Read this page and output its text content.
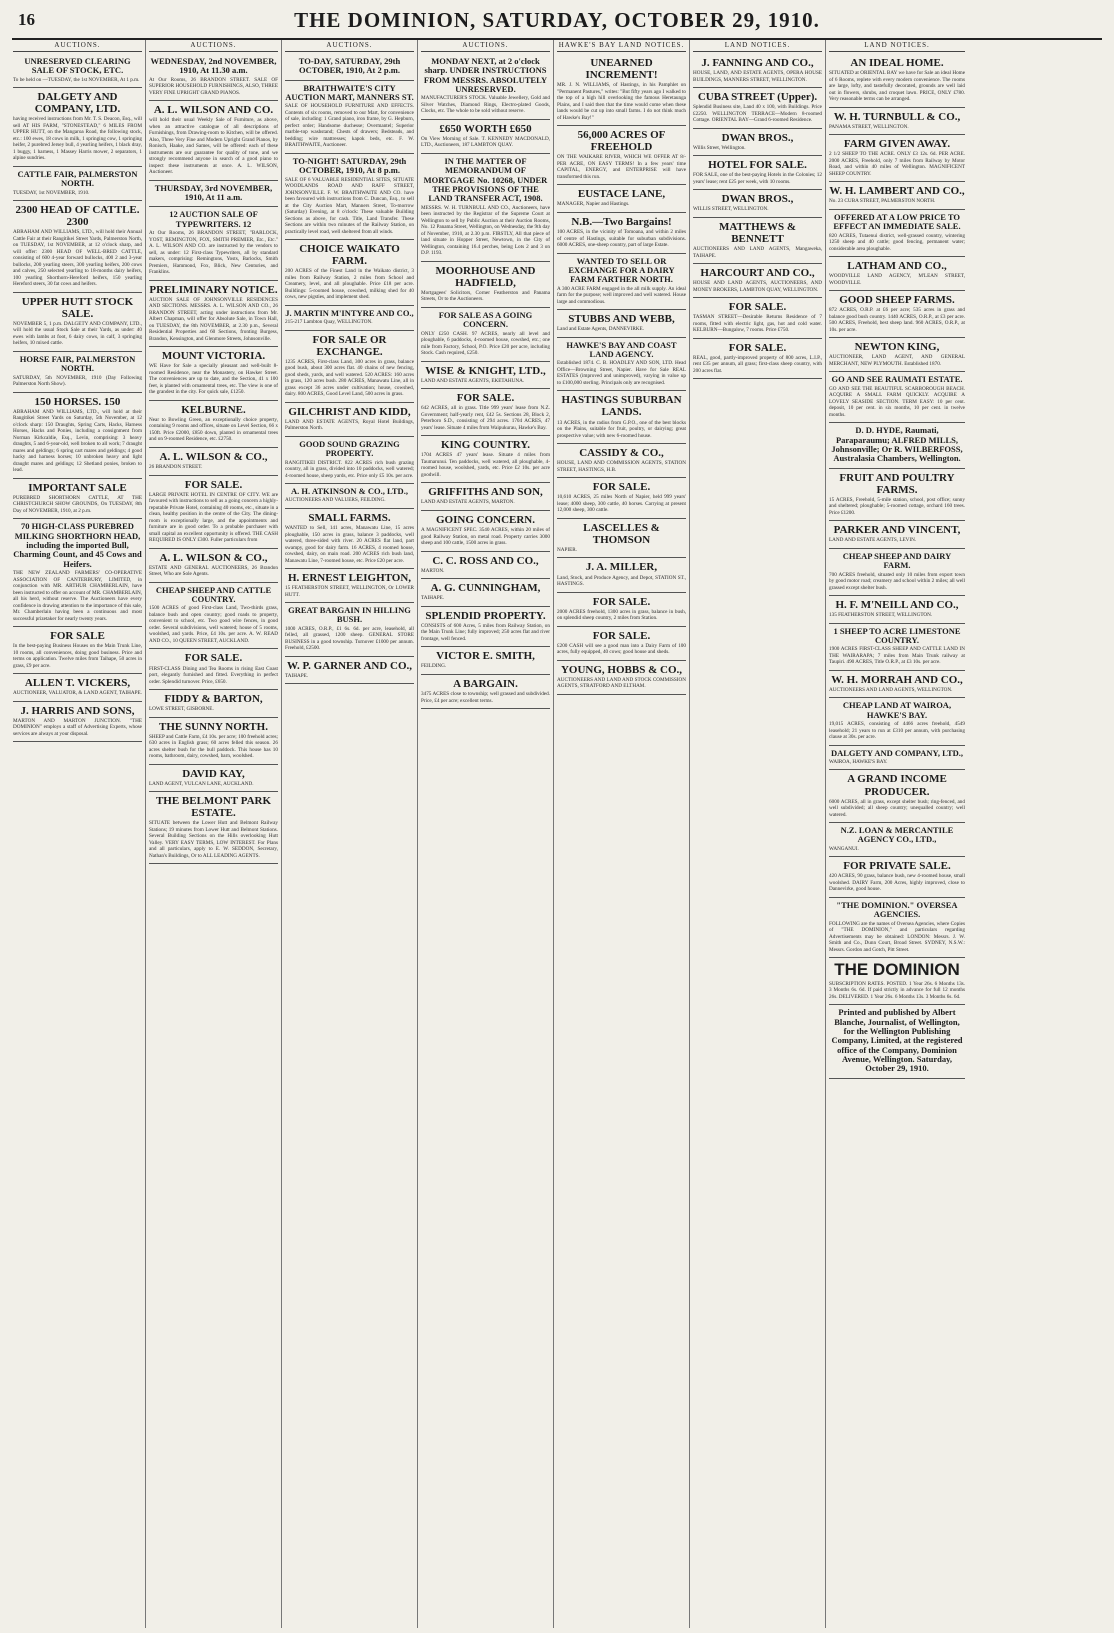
16	THE DOMINION, SATURDAY, OCTOBER 29, 1910.
AUCTIONS.
UNRESERVED CLEARING SALE OF STOCK, ETC.
To be held on —TUESDAY, the 1st NOVEMBER, At 1 p.m.
DALGETY AND COMPANY, LTD.
having received instructions from Mr. T. S. Deacon, Esq., will sell AT HIS FARM, "STONESTEAD," 6 MILES FROM UPPER HUTT, on the Mangaroa Road, the following stock, etc.: 100 ewes, 18 cows in milk, 1 springing cow, 1 springing heifer, 2 purebred Jersey bull, 4 yearling heifers, 1 black dray, 1 buggy, 1 harness, 1 Massey Harris mower, 2 separators, 1 alpine sundries.
CATTLE FAIR, PALMERSTON NORTH.
TUESDAY, 1st NOVEMBER, 1910.
2300 HEAD OF CATTLE. 2300
ABRAHAM AND WILLIAMS, LTD., will hold their Annual Cattle Fair at their Rangitikei Street Yards, Palmerston North, on TUESDAY, 1st NOVEMBER, at 12 o'clock sharp, and will offer: 2300 HEAD OF WELL-BRED CATTLE, consisting of 600 4-year forward bullocks, 400 2 and 3-year bullocks, 200 yearling steers, 300 yearling heifers, 200 cows and calves, 250 selected yearling to 18-months dairy heifers, 100 yearling Shorthorn-Hereford heifers, 150 yearling Hereford steers, 30 fat cows and heifers.
UPPER HUTT STOCK SALE.
NOVEMBER 5, 1 p.m. DALGETY AND COMPANY, LTD., will hold the usual Stock Sale at their Yards, as under: 40 ewes with lambs at foot, 6 dairy cows, in calf, 3 springing heifers, 10 mixed cattle.
HORSE FAIR, PALMERSTON NORTH.
SATURDAY, 5th NOVEMBER, 1910 (Day Following Palmerston North Show).
150 HORSES. 150
ABRAHAM AND WILLIAMS, LTD., will hold at their Rangitikei Street Yards on Saturday, 5th November, at 12 o'clock sharp: 150 Draughts, Spring Carts, Hacks, Harness Horses, Hacks and Ponies, including a consignment from Norman Kirkcaldie, Esq., Levin, comprising: 3 heavy draughts, 5 and 6-year-old, well broken to all work; 7 draught mares and geldings; 6 spring cart mares and geldings; 4 good hacky and harness horses; 10 unbroken heavy and light draught mares and geldings; 12 Shetland ponies, broken to lead.
IMPORTANT SALE
PUREBRED SHORTHORN CATTLE, AT THE CHRISTCHURCH SHOW GROUNDS, On TUESDAY, 8th Day of NOVEMBER, 1910, at 2 p.m.
70 HIGH-CLASS PUREBRED MILKING SHORTHORN HEAD, including the imported Bull, Charming Count, and 45 Cows and Heifers.
THE NEW ZEALAND FARMERS' CO-OPERATIVE ASSOCIATION OF CANTERBURY, LIMITED, in conjunction with MR. ARTHUR CHAMBERLAIN, have been instructed to offer on account of MR. CHAMBERLAIN, all his herd, without reserve. The Auctioneers have every confidence in drawing attention to the importance of this sale, Mr. Chamberlain having been a continuous and most successful prizetaker for nearly twenty years.
FOR SALE
In the best-paying Business Houses on the Main Trunk Line, 10 rooms, all conveniences, doing good business. Price and terms on application. Twelve miles from Taihape, 50 acres in grass, £9 per acre.
ALLEN T. VICKERS,
AUCTIONEER, VALUATOR, & LAND AGENT, TAIHAPE.
J. HARRIS AND SONS,
MARTON AND MARTON JUNCTION. "THE DOMINION" employs a staff of Advertising Experts, whose services are always at your disposal.
AUCTIONS.
WEDNESDAY, 2nd NOVEMBER, 1910, At 11.30 a.m.
At Our Rooms, 26 BRANDON STREET. SALE OF SUPERIOR HOUSEHOLD FURNISHINGS, ALSO, THREE VERY FINE UPRIGHT GRAND PIANOS.
A. L. WILSON AND CO.
will hold their usual Weekly Sale of Furniture, as above, when an attractive catalogue of all descriptions of Furnishings, from Drawing-room to Kitchen, will be offered. Also, Three Very Fine and Modern Upright Grand Pianos, by Ronisch, Haake, and Sames, will be offered: each of these instruments are our guarantee for quality of tone, and we strongly recommend anyone in search of a good piano to inspect these instruments at once. A. L. WILSON, Auctioneer.
THURSDAY, 3rd NOVEMBER, 1910, At 11 a.m.
12 AUCTION SALE OF TYPEWRITERS. 12
At Our Rooms, 26 BRANDON STREET, "BARLOCK, YOST, REMINGTON, FOX, SMITH PREMIER, Etc., Etc." A. L. WILSON AND CO. are instructed by the vendors to sell, as under: 12 First-class Typewriters, all by standard makers, comprising: Remingtons, Yosts, Barlocks, Smith Premiers, Hammond, Fox, Blick, New Centuries, and Franklins.
PRELIMINARY NOTICE.
AUCTION SALE OF JOHNSONVILLE RESIDENCES AND SECTIONS. MESSRS. A. L. WILSON AND CO., 26 BRANDON STREET, acting under instructions from Mr. Albert Chapman, will offer for Absolute Sale, in Town Hall, on TUESDAY, the 8th NOVEMBER, at 2.30 p.m., Several Residential Properties and 60 Sections, fronting Burgess, Brandon, Kensington, and Glenmore Streets, Johnsonville.
MOUNT VICTORIA.
WE Have for Sale a specially pleasant and well-built 8-roomed Residence, near the Monastery, on Hawker Street. The conveniences are up to date, and the Section, 41 x 100 feet, is planted with ornamental trees, etc. The view is one of the grandest in the city. For quick sale, £1250.
KELBURNE.
Near to Bowling Green, an exceptionally choice property, containing 9 rooms and offices, situate on Level Section, 66 x 150ft. Price £2000, £850 down, planted in ornamental trees and on 9-roomed Residence, etc. £2750.
A. L. WILSON & CO.,
26 BRANDON STREET.
FOR SALE.
LARGE PRIVATE HOTEL IN CENTRE OF CITY. WE are favoured with instructions to sell as a going concern a highly-reputable Private Hotel, containing 40 rooms, etc., situate in a clean, healthy position in the centre of the City. The dining-room is exceptionally large, and the appointments and furniture are in good order. To a probable purchaser with small capital an excellent opportunity is offered. THE CASH REQUIRED IS ONLY £300. Fuller particulars from
A. L. WILSON & CO.,
ESTATE AND GENERAL AUCTIONEERS, 26 Brandon Street, Who are Sole Agents.
CHEAP SHEEP AND CATTLE COUNTRY.
1500 ACRES of good First-class Land, Two-thirds grass, balance bush and open country; good roads to property, convenient to school, etc. Two good wire fences, in good order. Several subdivisions, well watered; house of 5 rooms, woolshed, and yards. Price, £4 10s. per acre. A. W. READ AND CO., 10 QUEEN STREET, AUCKLAND.
FOR SALE.
FIRST-CLASS Dining and Tea Rooms in rising East Coast port, elegantly furnished and fitted. Everything in perfect order. Splendid turnover. Price, £650.
FIDDY & BARTON,
LOWE STREET, GISBORNE.
THE SUNNY NORTH.
SHEEP and Cattle Farm, £4 10s. per acre; 100 freehold acres; 630 acres in English grass; 60 acres felled this season. 26 acres shelter bush for the bull paddock. This house has 10 rooms, bathroom, dairy, cowshed, barn, woolshed.
DAVID KAY,
LAND AGENT, VULCAN LANE, AUCKLAND.
THE BELMONT PARK ESTATE.
SITUATE between the Lower Hutt and Belmont Railway Stations; 19 minutes from Lower Hutt and Belmont Stations. Several Building Sections on the Hills overlooking Hutt Valley. VERY EASY TERMS, LOW INTEREST. For Plans and all particulars, apply to E. W. SEDDON, Secretary, Nathan's Buildings, Or to ALL LEADING AGENTS.
AUCTIONS.
TO-DAY, SATURDAY, 29th OCTOBER, 1910, At 2 p.m.
BRAITHWAITE'S CITY AUCTION MART, MANNERS ST.
SALE OF HOUSEHOLD FURNITURE AND EFFECTS. Contents of six rooms, removed to our Mart, for convenience of sale, including: 1 Grand piano, iron frame, by G. Hepburn, perfect order; Handsome duchesse; Overmantel; Superior marble-top washstand; Chests of drawers; Bedsteads, and bedding; wire mattresses; kapok beds, etc. F. W. BRAITHWAITE, Auctioneer.
TO-NIGHT! SATURDAY, 29th OCTOBER, 1910, At 8 p.m.
SALE OF 6 VALUABLE RESIDENTIAL SITES, SITUATE WOODLANDS ROAD AND RAFF STREET, JOHNSONVILLE. F. W. BRAITHWAITE AND CO. have been favoured with instructions from C. Duncan, Esq., to sell at the City Auction Mart, Manners Street, To-morrow (Saturday) Evening, at 8 o'clock: These valuable Building Sections as above, for cash. Title, Land Transfer. These Sections are within two minutes of the Railway Station, on practically level road, well sheltered from all winds.
CHOICE WAIKATO FARM.
200 ACRES of the Finest Land in the Waikato district, 3 miles from Railway Station, 2 miles from School and Creamery, level, and all ploughable. Price £18 per acre. Buildings: 5-roomed house, cowshed, milking shed for 40 cows, new pigsties, and implement shed.
J. MARTIN M'INTYRE AND CO.,
215-217 Lambton Quay, WELLINGTON.
FOR SALE OR EXCHANGE.
1235 ACRES, First-class Land, 300 acres in grass, balance good bush, about 300 acres flat. 40 chains of new fencing, good sheds, yards, and well watered. 520 ACRES: 160 acres in grass, 120 acres bush. 280 ACRES, Manawatu Line, all in grass except 36 acres under cultivation; house, cowshed, dairy. 800 ACRES, Good Level Land, 500 acres in grass.
GILCHRIST AND KIDD,
LAND AND ESTATE AGENTS, Royal Hotel Buildings, Palmerston North.
GOOD SOUND GRAZING PROPERTY.
RANGITIKEI DISTRICT. 822 ACRES rich bush grazing country, all in grass, divided into 10 paddocks, well watered; 4-roomed house, sheep yards, etc. Price only £5 10s. per acre.
A. H. ATKINSON & CO., LTD.,
AUCTIONEERS AND VALUERS, FEILDING.
SMALL FARMS.
WANTED to Sell, 141 acres, Manawatu Line, 15 acres ploughable, 150 acres in grass, balance 3 paddocks, well watered, three-sided with river. 20 ACRES flat land, part swampy, good for dairy farm. 16 ACRES, 4 roomed house, cowshed, dairy, on main road. 200 ACRES rich bush land, Manawatu Line, 7-roomed house, etc. Price £20 per acre.
H. ERNEST LEIGHTON,
15 FEATHERSTON STREET, WELLINGTON, Or LOWER HUTT.
GREAT BARGAIN IN HILLING BUSH.
1000 ACRES, O.R.P., £1 6s. 6d. per acre, leasehold, all felled, all grassed, 1200 sheep. GENERAL STORE BUSINESS in a good township. Turnover £1000 per annum. Freehold, £2500.
W. P. GARNER AND CO.,
TAIHAPE.
AUCTIONS.
MONDAY NEXT, at 2 o'clock sharp. UNDER INSTRUCTIONS FROM MESSRS. ABSOLUTELY UNRESERVED.
MANUFACTURER'S STOCK. Valuable Jewellery, Gold and Silver Watches, Diamond Rings, Electro-plated Goods, Clocks, etc. The whole to be sold without reserve.
£650 WORTH £650
On View Morning of Sale. T. KENNEDY MACDONALD, LTD., Auctioneers, 187 LAMBTON QUAY.
IN THE MATTER OF MEMORANDUM OF MORTGAGE No. 10268, UNDER THE PROVISIONS OF THE LAND TRANSFER ACT, 1908.
MESSRS. W. H. TURNBULL AND CO., Auctioneers, have been instructed by the Registrar of the Supreme Court at Wellington to sell by Public Auction at their Auction Rooms, No. 12 Panama Street, Wellington, on Wednesday, the 9th day of November, 1910, at 2.30 p.m. FIRSTLY, All that piece of land situate in Hopper Street, Newtown, in the City of Wellington, containing 16.4 perches, being Lots 2 and 3 on D.P. 1193.
MOORHOUSE AND HADFIELD,
Mortgagees' Solicitors, Corner Featherston and Panama Streets, Or to the Auctioneers.
FOR SALE AS A GOING CONCERN.
ONLY £250 CASH. 97 ACRES, nearly all level and ploughable, 6 paddocks, 4-roomed house, cowshed, etc.; one mile from Factory, School, P.O. Price £20 per acre, including Stock. Cash required, £250.
WISE & KNIGHT, LTD.,
LAND AND ESTATE AGENTS, EKETAHUNA.
FOR SALE.
642 ACRES, all in grass. Title 999 years' lease from N.Z. Government; half-yearly rent, £42 5s. Sections 28, Block 2, Peterboro S.D., consisting of 294 acres. 1704 ACRES, 47 years' lease. Situate 4 miles from Waipukurau, Hawke's Bay.
KING COUNTRY.
1704 ACRES 47 years' lease. Situate 4 miles from Taumarunui. Ten paddocks, well watered, all ploughable, 4-roomed house, woolshed, yards, etc. Price £2 10s. per acre goodwill.
GRIFFITHS AND SON,
LAND AND ESTATE AGENTS, MARTON.
GOING CONCERN.
A MAGNIFICENT SPEC. 3540 ACRES, within 20 miles of good Railway Station, on metal road. Property carries 3000 sheep and 100 cattle, 1500 acres in grass.
C. C. ROSS AND CO.,
MARTON.
A. G. CUNNINGHAM,
TAIHAPE.
SPLENDID PROPERTY.
CONSISTS of 600 Acres, 5 miles from Railway Station, on the Main Trunk Line; fully improved; 250 acres flat and river frontage, well fenced.
VICTOR E. SMITH,
FEILDING.
A BARGAIN.
3475 ACRES close to township; well grassed and subdivided. Price, £4 per acre; excellent terms.
HAWKE'S BAY LAND NOTICES.
UNEARNED INCREMENT!
MR. J. N. WILLIAMS, of Hastings, in his Pamphlet on "Permanent Pastures," writes: "But fifty years ago I walked to the top of a high hill overlooking the famous Heretaunga Plains, and I said then that the time would come when these lands would be cut up into small farms. I do not think much of Hawke's Bay!"
56,000 ACRES OF FREEHOLD
ON THE WAIKARE RIVER, WHICH WE OFFER AT 8/- PER ACRE, ON EASY TERMS! In a few years' time CAPITAL, ENERGY, and ENTERPRISE will have transformed this run.
EUSTACE LANE,
MANAGER, Napier and Hastings.
N.B.—Two Bargains!
100 ACRES, in the vicinity of Tomoana, and within 2 miles of centre of Hastings, suitable for suburban subdivisions. 6000 ACRES, one-sheep country, part of large Estate.
WANTED TO SELL OR EXCHANGE FOR A DAIRY FARM FARTHER NORTH.
A 300 ACRE FARM engaged in the all milk supply. An ideal farm for the purpose; well improved and well watered. House large and commodious.
STUBBS AND WEBB,
Land and Estate Agents, DANNEVIRKE.
HAWKE'S BAY AND COAST LAND AGENCY.
Established 1874. C. B. HOADLEY AND SON, LTD. Head Office—Browning Street, Napier. Have for Sale REAL ESTATES (improved and unimproved), varying in value up to £100,000 sterling. Principals only are recognised.
HASTINGS SUBURBAN LANDS.
13 ACRES, in the radius from G.P.O., one of the best blocks on the Plains, suitable for fruit, poultry, or dairying; great prospective value; with new 6-roomed house.
CASSIDY & CO.,
HOUSE, LAND AND COMMISSION AGENTS, STATION STREET, HASTINGS, H.B.
FOR SALE.
10,610 ACRES, 25 miles North of Napier, held 999 years' lease; 4000 sheep, 300 cattle, 40 horses. Carrying at present 12,000 sheep, 300 cattle.
LASCELLES & THOMSON
NAPIER.
J. A. MILLER,
Land, Stock, and Produce Agency, and Depot, STATION ST., HASTINGS.
FOR SALE.
2000 ACRES freehold, 1300 acres in grass, balance in bush, on splendid sheep country, 2 miles from Station.
FOR SALE.
£200 CASH will see a good man into a Dairy Farm of 100 acres, fully equipped, 40 cows; good house and sheds.
YOUNG, HOBBS & CO.,
AUCTIONEERS AND LAND AND STOCK COMMISSION AGENTS, STRATFORD AND ELTHAM.
LAND NOTICES.
J. FANNING AND CO.,
HOUSE, LAND, AND ESTATE AGENTS, OPERA HOUSE BUILDINGS, MANNERS STREET, WELLINGTON.
CUBA STREET (Upper).
Splendid Business site, Land 40 x 100, with Buildings. Price £2250. WELLINGTON TERRACE—Modern 8-roomed Cottage. ORIENTAL BAY—Grand 6-roomed Residence.
DWAN BROS.,
Willis Street, Wellington.
HOTEL FOR SALE.
FOR SALE, one of the best-paying Hotels in the Colonies; 12 years' lease; rent £25 per week, with 10 rooms.
DWAN BROS.,
WILLIS STREET, WELLINGTON.
MATTHEWS & BENNETT
AUCTIONEERS AND LAND AGENTS, Mangaweka, TAIHAPE.
HARCOURT AND CO.,
HOUSE AND LAND AGENTS, AUCTIONEERS, AND MONEY BROKERS, LAMBTON QUAY, WELLINGTON.
FOR SALE.
TASMAN STREET—Desirable Returns Residence of 7 rooms, fitted with electric light, gas, hot and cold water. KELBURN—Bungalow, 7 rooms. Price £750.
FOR SALE.
REAL, good, partly-improved property of 800 acres, L.I.P., rent £35 per annum, all grass; first-class sheep country, with 200 acres flat.
LAND NOTICES.
AN IDEAL HOME.
SITUATED at ORIENTAL BAY we have for Sale an ideal Home of 6 Rooms, replete with every modern convenience. The rooms are large, lofty, and tastefully decorated, grounds are well laid out in flowers, shrubs, and croquet lawn. PRICE, ONLY £780. Very reasonable terms can be arranged.
W. H. TURNBULL & CO.,
PANAMA STREET, WELLINGTON.
FARM GIVEN AWAY.
2 1/2 SHEEP TO THE ACRE. ONLY £3 12s. 6d. PER ACRE. 2000 ACRES, Freehold, only 7 miles from Railway by Motor Road, and within 40 miles of Wellington. MAGNIFICENT SHEEP COUNTRY.
W. H. LAMBERT AND CO.,
No. 23 CUBA STREET, PALMERSTON NORTH.
OFFERED AT A LOW PRICE TO EFFECT AN IMMEDIATE SALE.
820 ACRES, Tutaenui district, well-grassed country, wintering 1250 sheep and 40 cattle; good fencing, permanent water; considerable area ploughable.
LATHAM AND CO.,
WOODVILLE LAND AGENCY, M'LEAN STREET, WOODVILLE.
GOOD SHEEP FARMS.
872 ACRES, O.R.P. at £6 per acre; 535 acres in grass and balance good bush country. 1440 ACRES, O.R.P., at £3 per acre. 500 ACRES, Freehold, best sheep land. 960 ACRES, O.R.P., at 10s. per acre.
NEWTON KING,
AUCTIONEER, LAND AGENT, AND GENERAL MERCHANT, NEW PLYMOUTH. Established 1870.
GO AND SEE RAUMATI ESTATE.
GO AND SEE THE BEAUTIFUL SCARBOROUGH BEACH. ACQUIRE A SMALL FARM QUICKLY. ACQUIRE A LOVELY SEASIDE SECTION. TERM EASY: 10 per cent. deposit, 10 per cent. in six months, 10 per cent. in twelve months.
D. D. HYDE, Raumati, Paraparaumu; ALFRED MILLS, Johnsonville; Or R. WILBERFOSS, Australasia Chambers, Wellington.
FRUIT AND POULTRY FARMS.
15 ACRES, Freehold, 5-mile station, school, post office; sunny and sheltered; ploughable; 5-roomed cottage, orchard 160 trees. Price £1200.
PARKER AND VINCENT,
LAND AND ESTATE AGENTS, LEVIN.
CHEAP SHEEP AND DAIRY FARM.
700 ACRES freehold, situated only 10 miles from export town by good motor road; creamery and school within 2 miles; all well grassed except shelter bush.
H. F. M'NEILL AND CO.,
135 FEATHERSTON STREET, WELLINGTON.
1 SHEEP TO ACRE LIMESTONE COUNTRY.
1900 ACRES FIRST-CLASS SHEEP AND CATTLE LAND IN THE WAIRARAPA; 7 miles from Main Trunk railway at Taupiri. 490 ACRES, Title O.R.P., at £3 10s. per acre.
W. H. MORRAH AND CO.,
AUCTIONEERS AND LAND AGENTS, WELLINGTON.
CHEAP LAND AT WAIROA, HAWKE'S BAY.
19,015 ACRES, consisting of 4466 acres freehold, 4549 leasehold; 21 years to run at £310 per annum, with purchasing clause at 30s. per acre.
DALGETY AND COMPANY, LTD.,
WAIROA, HAWKE'S BAY.
A GRAND INCOME PRODUCER.
6000 ACRES, all in grass, except shelter bush; ring-fenced, and well subdivided; all sheep country; unequalled country; well watered.
N.Z. LOAN & MERCANTILE AGENCY CO., LTD.,
WANGANUI.
FOR PRIVATE SALE.
420 ACRES, 90 grass, balance bush, new 4-roomed house, small woolshed. DAIRY Farm, 200 Acres, highly improved, close to Dannevirke, good house.
"THE DOMINION." OVERSEA AGENCIES.
FOLLOWING are the names of Oversea Agencies, where Copies of "THE DOMINION," and particulars regarding Advertisements may be obtained: LONDON: Messrs. J. W. Smith and Co., Dunn Court, Broad Street. SYDNEY, N.S.W.: Messrs. Gordon and Gotch, Pitt Street.
THE DOMINION
SUBSCRIPTION RATES. POSTED. 1 Year 26s. 6 Months 13s. 3 Months 6s. 6d. If paid strictly in advance for full 12 months 26s. DELIVERED. 1 Year 26s. 6 Months 13s. 3 Months 6s. 6d.
Printed and published by Albert Blanche, Journalist, of Wellington, for the Wellington Publishing Company, Limited, at the registered office of the Company, Dominion Avenue, Wellington. Saturday, October 29, 1910.
